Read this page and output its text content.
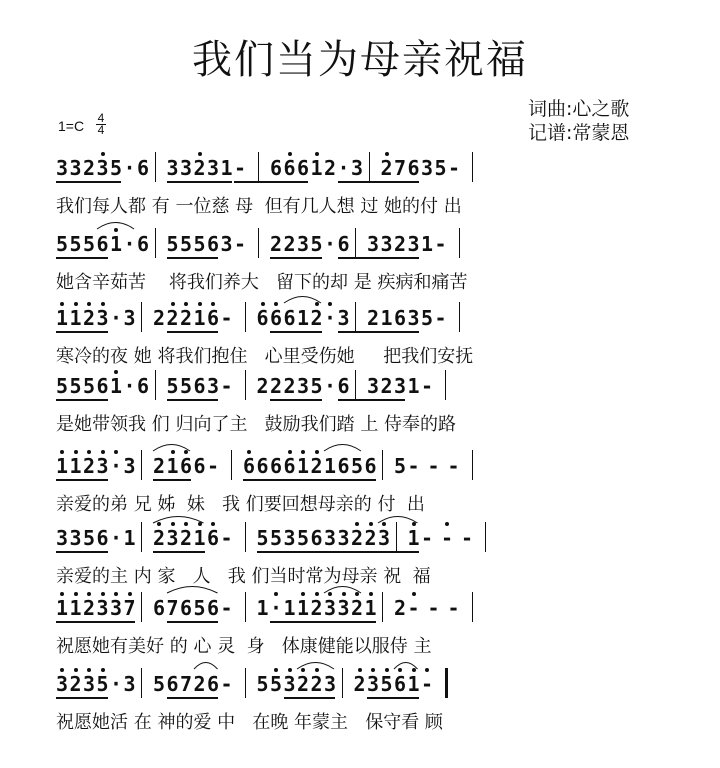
我们当为母亲祝福
词曲:心之歌
记谱:常蒙恩
1=C 4
4
3 3 2 3 5 · 6 3 3 2 3 1 - 6 6 6 1 2 · 3 2 7 6 3 5 -
我们每人都 有 一位慈 母  但有几人想 过 她的付 出
5 5 5 6 1 · 6 5 5 5 6 3 - 2 2 3 5 · 6 3 3 2 3 1 -
她含辛茹苦    将我们养大   留下的却 是 疾病和痛苦
1 1 2 3 · 3 2 2 2 1 6 - 6 6 6 1 2 · 3 2 1 6 3 5 -
寒冷的夜 她 将我们抱住   心里受伤她     把我们安抚
5 5 5 6 1 · 6 5 5 6 3 - 2 2 2 3 5 · 6 3 2 3 1 -
是她带领我 们 归向了主   鼓励我们踏 上 侍奉的路
1 1 2 3 · 3 2 1 6 6 - 6 6 6 6 1 2 1 6 5 6 5 - - -
亲爱的弟 兄 姊  妹   我 们要回想母亲的 付  出
3 3 5 6 · 1 2 3 2 1 6 - 5 5 3 5 6 3 3 2 2 3 1 - - -
亲爱的主 内 家   人   我 们当时常为母亲 祝  福
1 1 2 3 3 7 6 7 6 5 6 - 1 · 1 1 2 3 3 2 1 2 - - -
祝愿她有美好 的 心 灵  身   体康健能以服侍 主
3 2 3 5 · 3 5 6 7 2 6 - 5 5 3 2 2 3 2 3 5 6 1 -
祝愿她活 在 神的爱 中   在晚 年蒙主   保守看 顾
